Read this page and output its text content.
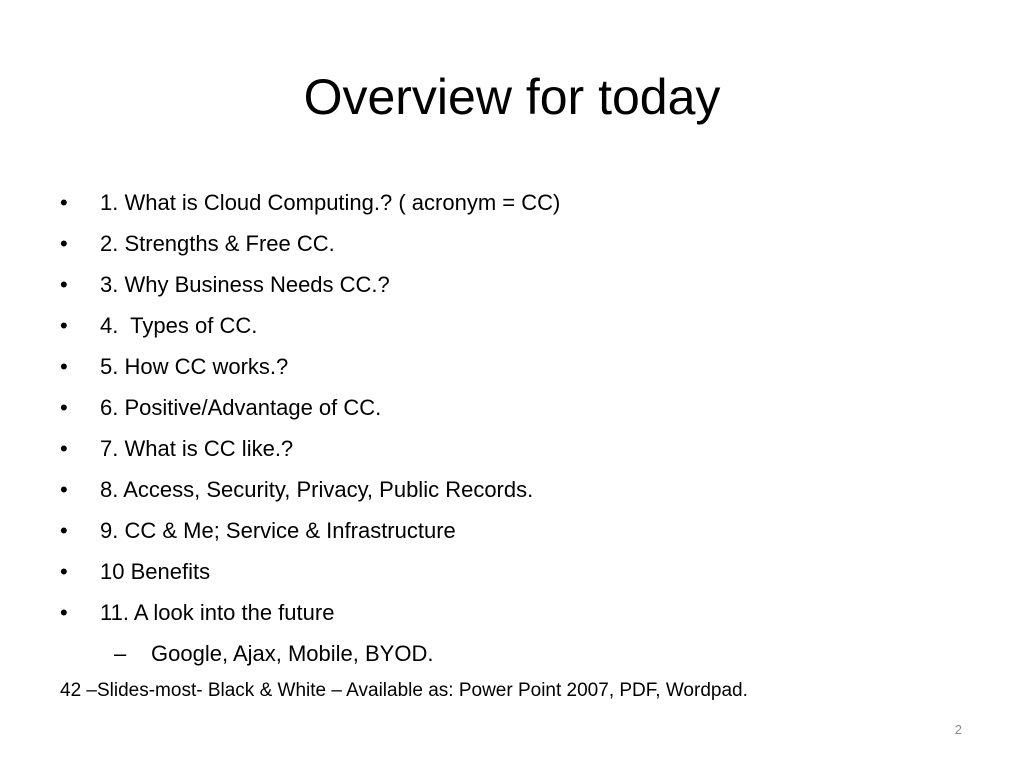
Overview for today
• 1. What is Cloud Computing.? ( acronym = CC)
• 2. Strengths & Free CC.
• 3. Why Business Needs CC.?
• 4.  Types of CC.
• 5. How CC works.?
• 6. Positive/Advantage of CC.
• 7. What is CC like.?
• 8. Access, Security, Privacy, Public Records.
• 9. CC & Me; Service & Infrastructure
• 10 Benefits
• 11. A look into the future
– Google, Ajax, Mobile, BYOD.

42 –Slides-most- Black & White – Available as: Power Point 2007, PDF, Wordpad.

2
